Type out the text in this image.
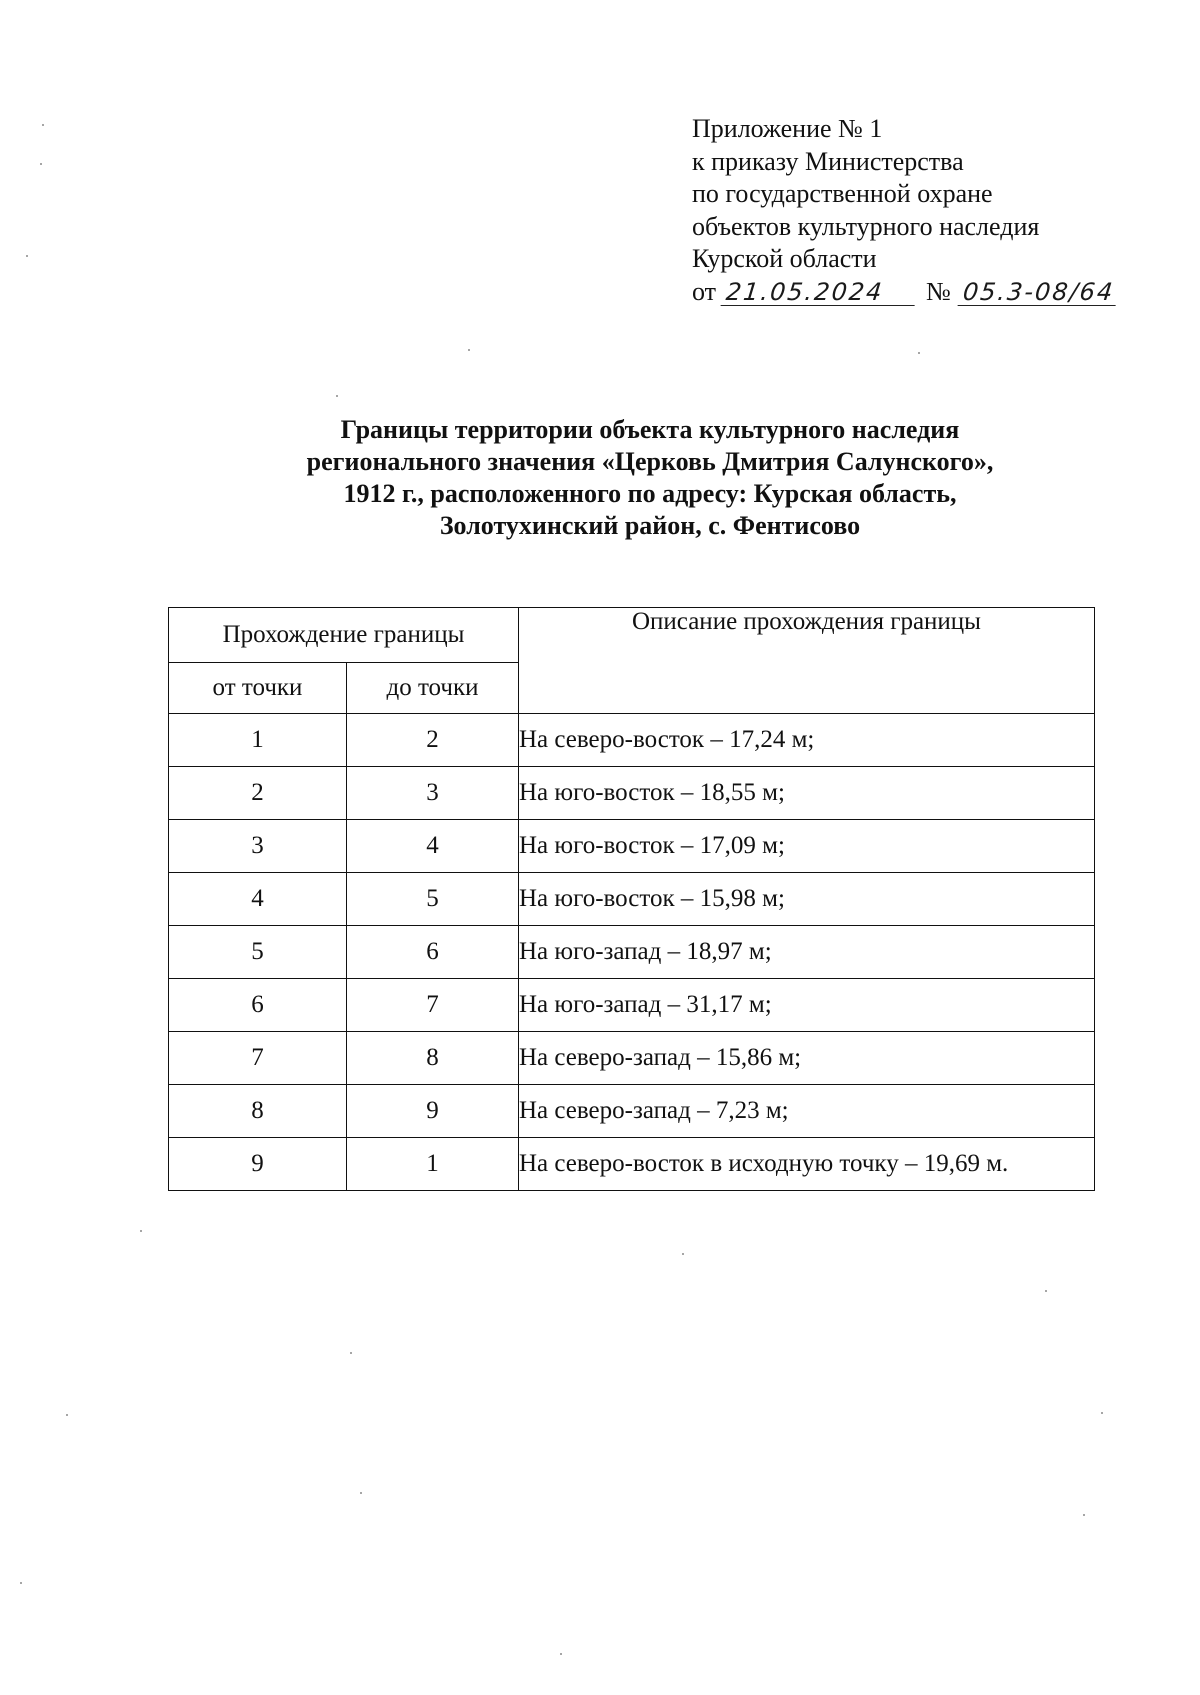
Приложение № 1
к приказу Министерства
по государственной охране
объектов культурного наследия
Курской области
от 21.05.2024 № 05.3-08/64
Границы территории объекта культурного наследия
регионального значения «Церковь Дмитрия Салунского»,
1912 г., расположенного по адресу: Курская область,
Золотухинский район, с. Фентисово
Прохождение границы		Описание прохождения границы
от точки	до точки	
1	2	На северо-восток – 17,24 м;
2	3	На юго-восток – 18,55 м;
3	4	На юго-восток – 17,09 м;
4	5	На юго-восток – 15,98 м;
5	6	На юго-запад – 18,97 м;
6	7	На юго-запад – 31,17 м;
7	8	На северо-запад – 15,86 м;
8	9	На северо-запад – 7,23 м;
9	1	На северо-восток в исходную точку – 19,69 м.
